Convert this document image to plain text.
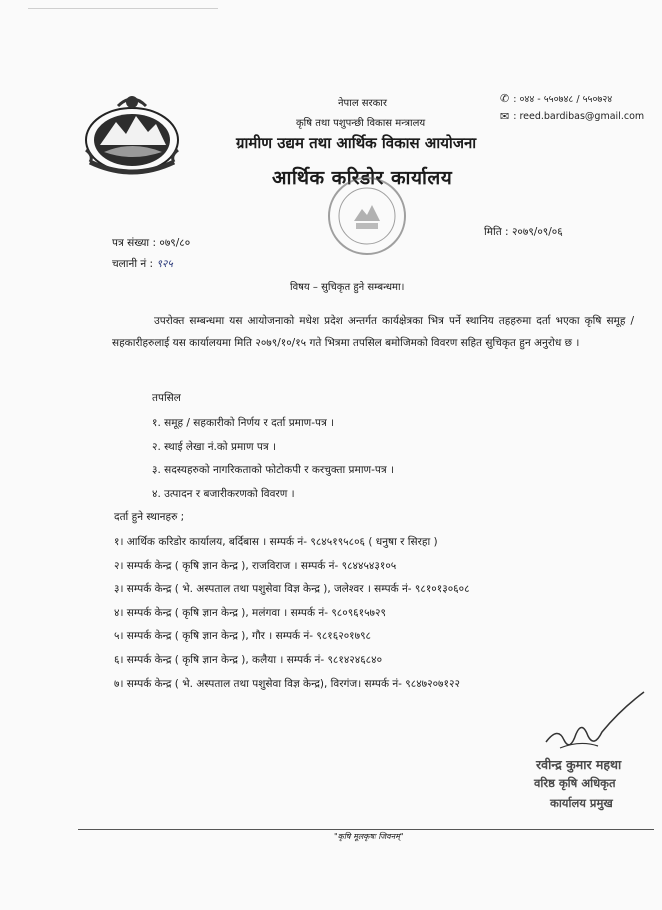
नेपाल सरकार
कृषि तथा पशुपन्छी विकास मन्त्रालय
ग्रामीण उद्यम तथा आर्थिक विकास आयोजना
आर्थिक करिडोर कार्यालय
✆ : ०४४ - ५५०७४८ / ५५०७२४
✉ : reed.bardibas@gmail.com
पत्र संख्या : ०७९/८०
चलानी नं : ९२५
मिति : २०७९/०९/०६
विषय – सुचिकृत हुने सम्बन्धमा।
उपरोक्त सम्बन्धमा यस आयोजनाको मधेश प्रदेश अन्तर्गत कार्यक्षेत्रका भित्र पर्ने स्थानिय तहहरुमा दर्ता भएका कृषि समूह / सहकारीहरुलाई यस कार्यालयमा मिति २०७९/१०/१५ गते भित्रमा तपसिल बमोजिमको विवरण सहित सुचिकृत हुन अनुरोध छ ।
तपसिल
१. समूह / सहकारीको निर्णय र दर्ता प्रमाण-पत्र ।
२. स्थाई लेखा नं.को प्रमाण पत्र ।
३. सदस्यहरुको नागरिकताको फोटोकपी र करचुक्ता प्रमाण-पत्र ।
४. उत्पादन र बजारीकरणको विवरण ।
दर्ता हुने स्थानहरु ;
१। आर्थिक करिडोर कार्यालय, बर्दिबास । सम्पर्क नं- ९८४५१९५८०६ ( धनुषा र सिरहा )
२। सम्पर्क केन्द्र ( कृषि ज्ञान केन्द्र ), राजविराज । सम्पर्क नं- ९८४४५४३१०५
३। सम्पर्क केन्द्र ( भे. अस्पताल तथा पशुसेवा विज्ञ केन्द्र ), जलेश्वर । सम्पर्क नं- ९८१०१३०६०८
४। सम्पर्क केन्द्र ( कृषि ज्ञान केन्द्र ), मलंगवा । सम्पर्क नं- ९८०९६१५७२९
५। सम्पर्क केन्द्र ( कृषि ज्ञान केन्द्र ), गौर । सम्पर्क नं- ९८१६२०१७९८
६। सम्पर्क केन्द्र ( कृषि ज्ञान केन्द्र ), कलैया । सम्पर्क नं- ९८१४२४६८४०
७। सम्पर्क केन्द्र ( भे. अस्पताल तथा पशुसेवा विज्ञ केन्द्र), विरगंज। सम्पर्क नं- ९८४७२०७१२२
रवीन्द्र कुमार महथा
वरिष्ठ कृषि अधिकृत
कार्यालय प्रमुख
"कृषि मूलकृषः जिवनम्"
